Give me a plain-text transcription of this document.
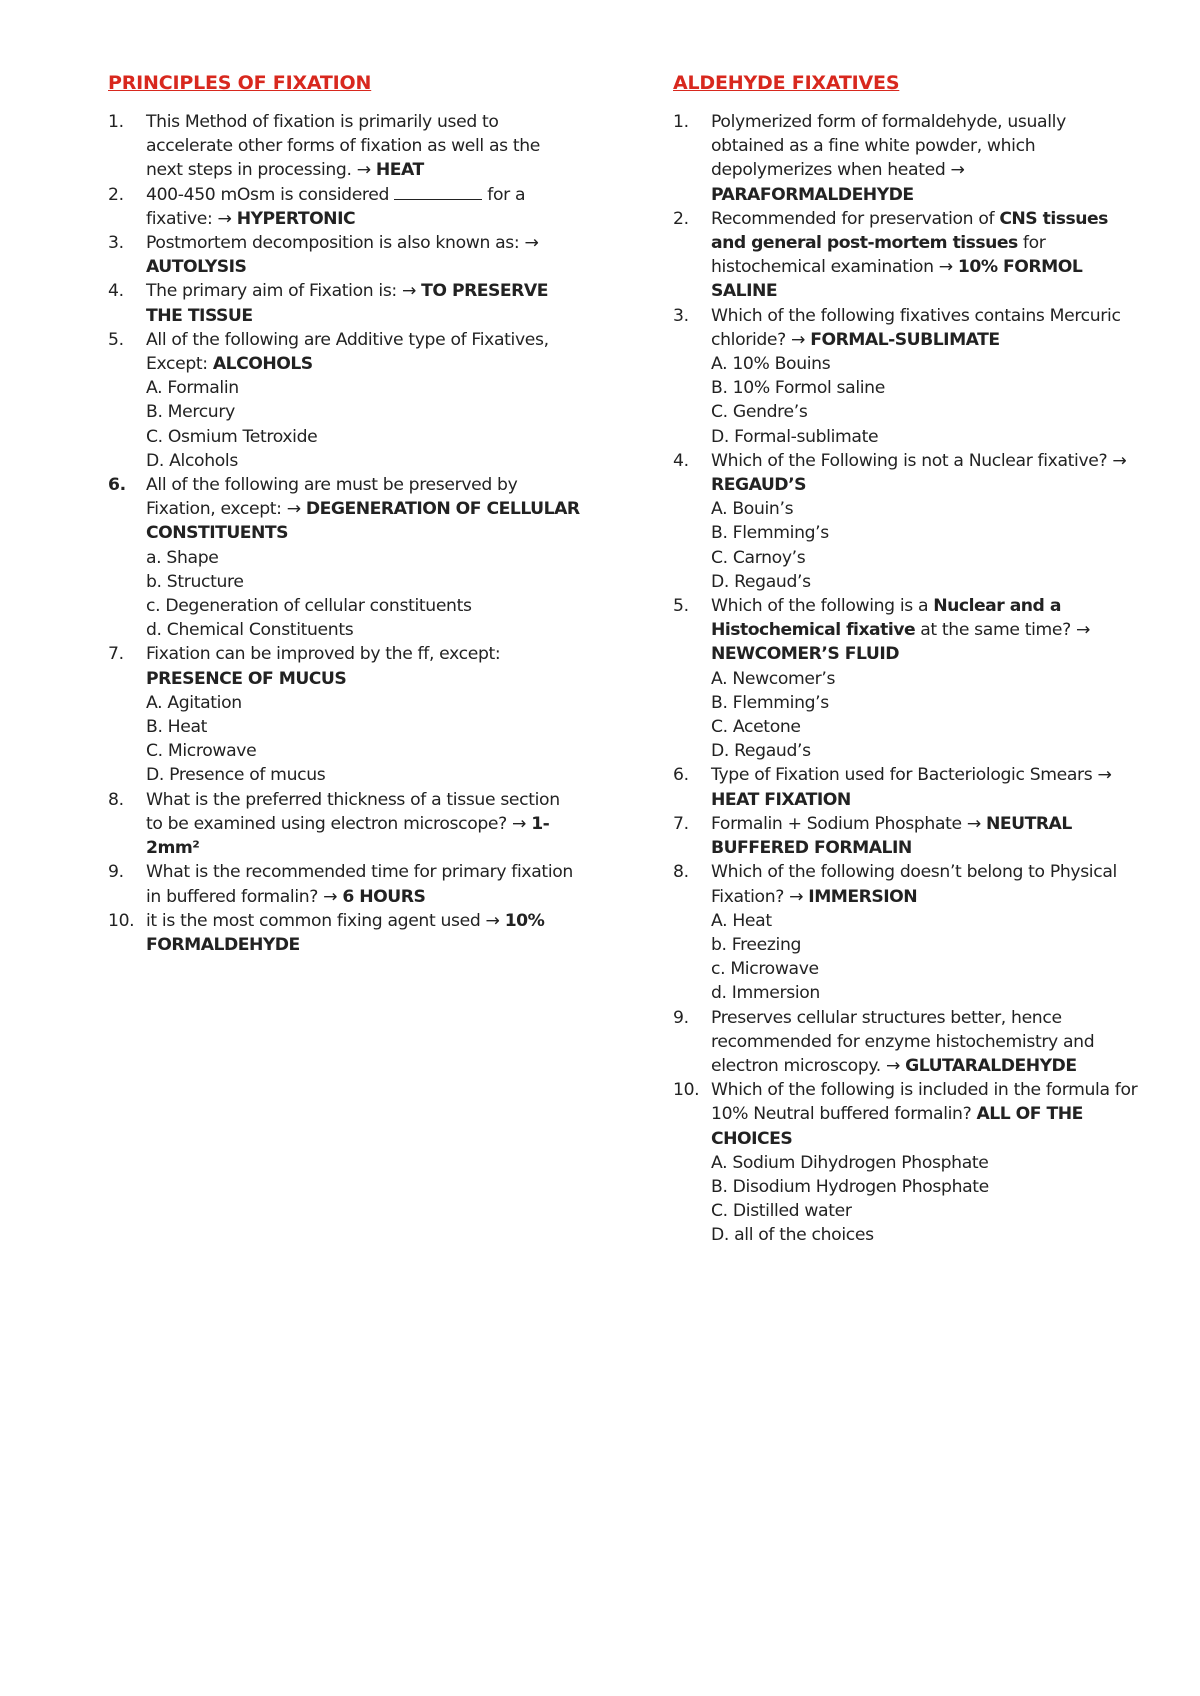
PRINCIPLES OF FIXATION
1. This Method of fixation is primarily used to accelerate other forms of fixation as well as the next steps in processing. → HEAT
2. 400-450 mOsm is considered	for a fixative: → HYPERTONIC
3. Postmortem decomposition is also known as: → AUTOLYSIS
4. The primary aim of Fixation is: → TO PRESERVE THE TISSUE
5. All of the following are Additive type of Fixatives, Except: ALCOHOLS
A. Formalin
B. Mercury
C. Osmium Tetroxide
D. Alcohols
6. All of the following are must be preserved by Fixation, except: → DEGENERATION OF CELLULAR CONSTITUENTS
a. Shape
b. Structure
c. Degeneration of cellular constituents
d. Chemical Constituents
7. Fixation can be improved by the ff, except: PRESENCE OF MUCUS
A. Agitation
B. Heat
C. Microwave
D. Presence of mucus
8. What is the preferred thickness of a tissue section to be examined using electron microscope? → 1-2mm²
9. What is the recommended time for primary fixation in buffered formalin? → 6 HOURS
10. it is the most common fixing agent used → 10% FORMALDEHYDE
ALDEHYDE FIXATIVES
1. Polymerized form of formaldehyde, usually obtained as a fine white powder, which depolymerizes when heated → PARAFORMALDEHYDE
2. Recommended for preservation of CNS tissues and general post-mortem tissues for histochemical examination → 10% FORMOL SALINE
3. Which of the following fixatives contains Mercuric chloride? → FORMAL-SUBLIMATE
A. 10% Bouins
B. 10% Formol saline
C. Gendre’s
D. Formal-sublimate
4. Which of the Following is not a Nuclear fixative? → REGAUD’S
A. Bouin’s
B. Flemming’s
C. Carnoy’s
D. Regaud’s
5. Which of the following is a Nuclear and a Histochemical fixative at the same time? → NEWCOMER’S FLUID
A. Newcomer’s
B. Flemming’s
C. Acetone
D. Regaud’s
6. Type of Fixation used for Bacteriologic Smears → HEAT FIXATION
7. Formalin + Sodium Phosphate → NEUTRAL BUFFERED FORMALIN
8. Which of the following doesn’t belong to Physical Fixation? → IMMERSION
A. Heat
b. Freezing
c. Microwave
d. Immersion
9. Preserves cellular structures better, hence recommended for enzyme histochemistry and electron microscopy. → GLUTARALDEHYDE
10. Which of the following is included in the formula for 10% Neutral buffered formalin? ALL OF THE CHOICES
A. Sodium Dihydrogen Phosphate
B. Disodium Hydrogen Phosphate
C. Distilled water
D. all of the choices
